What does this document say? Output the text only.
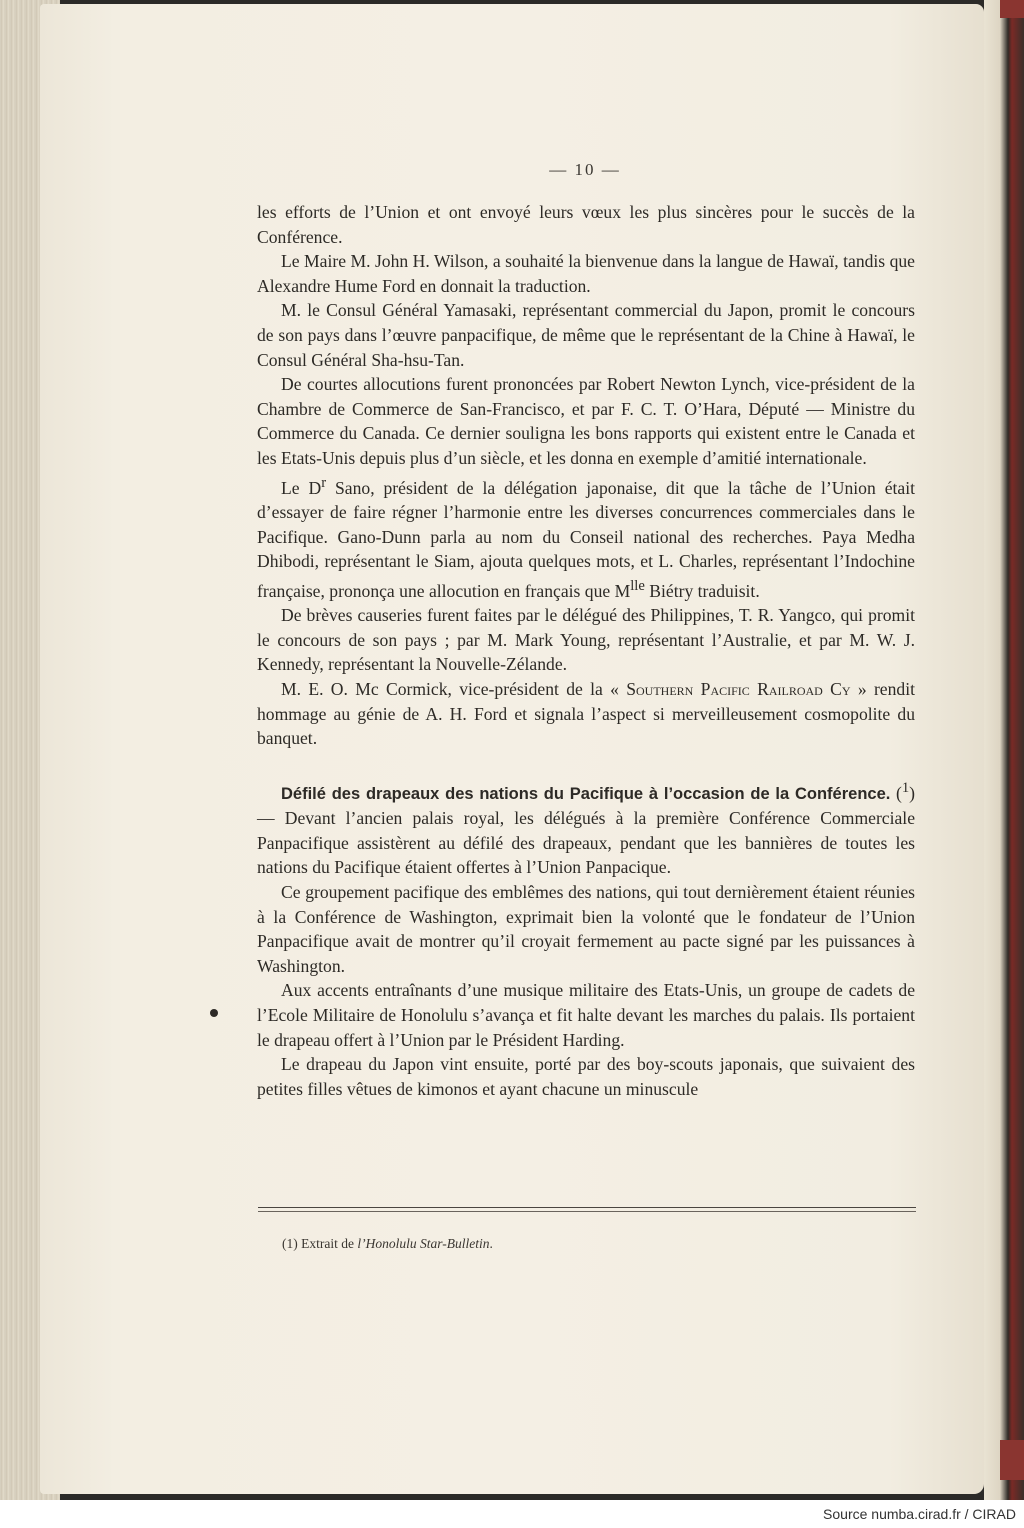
— 10 —

les efforts de l’Union et ont envoyé leurs vœux les plus sincères pour le succès de la Conférence.

Le Maire M. John H. Wilson, a souhaité la bienvenue dans la langue de Hawaï, tandis que Alexandre Hume Ford en donnait la traduction.

M. le Consul Général Yamasaki, représentant commercial du Japon, promit le concours de son pays dans l’œuvre panpacifique, de même que le représentant de la Chine à Hawaï, le Consul Général Sha-hsu-Tan.

De courtes allocutions furent prononcées par Robert Newton Lynch, vice-président de la Chambre de Commerce de San-Francisco, et par F. C. T. O’Hara, Député — Ministre du Commerce du Canada. Ce dernier souligna les bons rapports qui existent entre le Canada et les Etats-Unis depuis plus d’un siècle, et les donna en exemple d’amitié internationale.

Le $D^r$ Sano, président de la délégation japonaise, dit que la tâche de l’Union était d’essayer de faire régner l’harmonie entre les diverses concurrences commerciales dans le Pacifique. Gano-Dunn parla au nom du Conseil national des recherches. Paya Medha Dhibodi, représentant le Siam, ajouta quelques mots, et L. Charles, représentant l’Indochine française, prononça une allocution en français que $M^{lle}$ Biétry traduisit.

De brèves causeries furent faites par le délégué des Philippines, T. R. Yangco, qui promit le concours de son pays ; par M. Mark Young, représentant l’Australie, et par M. W. J. Kennedy, représentant la Nouvelle-Zélande.

M. E. O. Mc Cormick, vice-président de la « Southern Pacific Railroad Cy » rendit hommage au génie de A. H. Ford et signala l’aspect si merveilleusement cosmopolite du banquet.

Défilé des drapeaux des nations du Pacifique à l’occasion de la Conférence. ($^1$) — Devant l’ancien palais royal, les délégués à la première Conférence Commerciale Panpacifique assistèrent au défilé des drapeaux, pendant que les bannières de toutes les nations du Pacifique étaient offertes à l’Union Panpacique.

Ce groupement pacifique des emblêmes des nations, qui tout dernièrement étaient réunies à la Conférence de Washington, exprimait bien la volonté que le fondateur de l’Union Panpacifique avait de montrer qu’il croyait fermement au pacte signé par les puissances à Washington.

Aux accents entraînants d’une musique militaire des Etats-Unis, un groupe de cadets de l’Ecole Militaire de Honolulu s’avança et fit halte devant les marches du palais. Ils portaient le drapeau offert à l’Union par le Président Harding.

Le drapeau du Japon vint ensuite, porté par des boy-scouts japonais, que suivaient des petites filles vêtues de kimonos et ayant chacune un minuscule

(1) Extrait de l’Honolulu Star-Bulletin.
Source numba.cirad.fr / CIRAD
